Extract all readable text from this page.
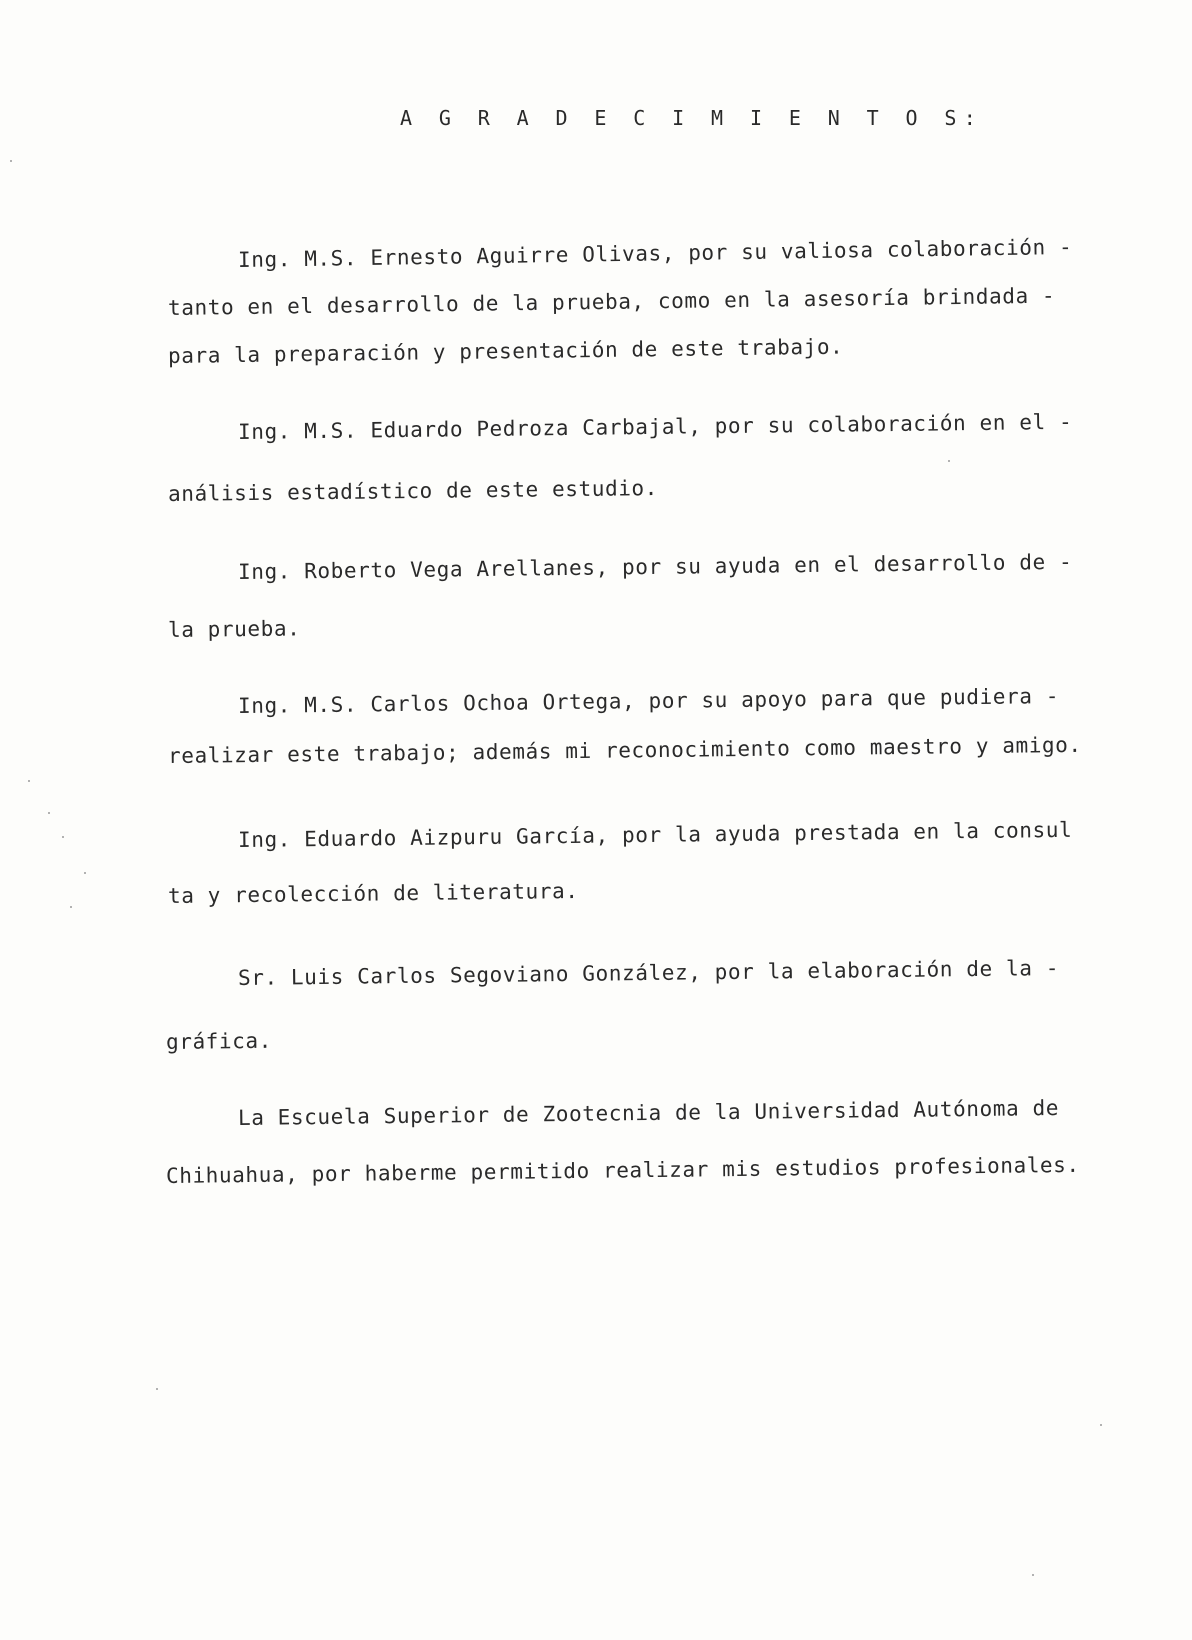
A G R A D E C I M I E N T O S:
Ing. M.S. Ernesto Aguirre Olivas, por su valiosa colaboración -
tanto en el desarrollo de la prueba, como en la asesoría brindada -
para la preparación y presentación de este trabajo.
Ing. M.S. Eduardo Pedroza Carbajal, por su colaboración en el -
análisis estadístico de este estudio.
Ing. Roberto Vega Arellanes, por su ayuda en el desarrollo de -
la prueba.
Ing. M.S. Carlos Ochoa Ortega, por su apoyo para que pudiera -
realizar este trabajo; además mi reconocimiento como maestro y amigo.
Ing. Eduardo Aizpuru García, por la ayuda prestada en la consul
ta y recolección de literatura.
Sr. Luis Carlos Segoviano González, por la elaboración de la -
gráfica.
La Escuela Superior de Zootecnia de la Universidad Autónoma de
Chihuahua, por haberme permitido realizar mis estudios profesionales.
